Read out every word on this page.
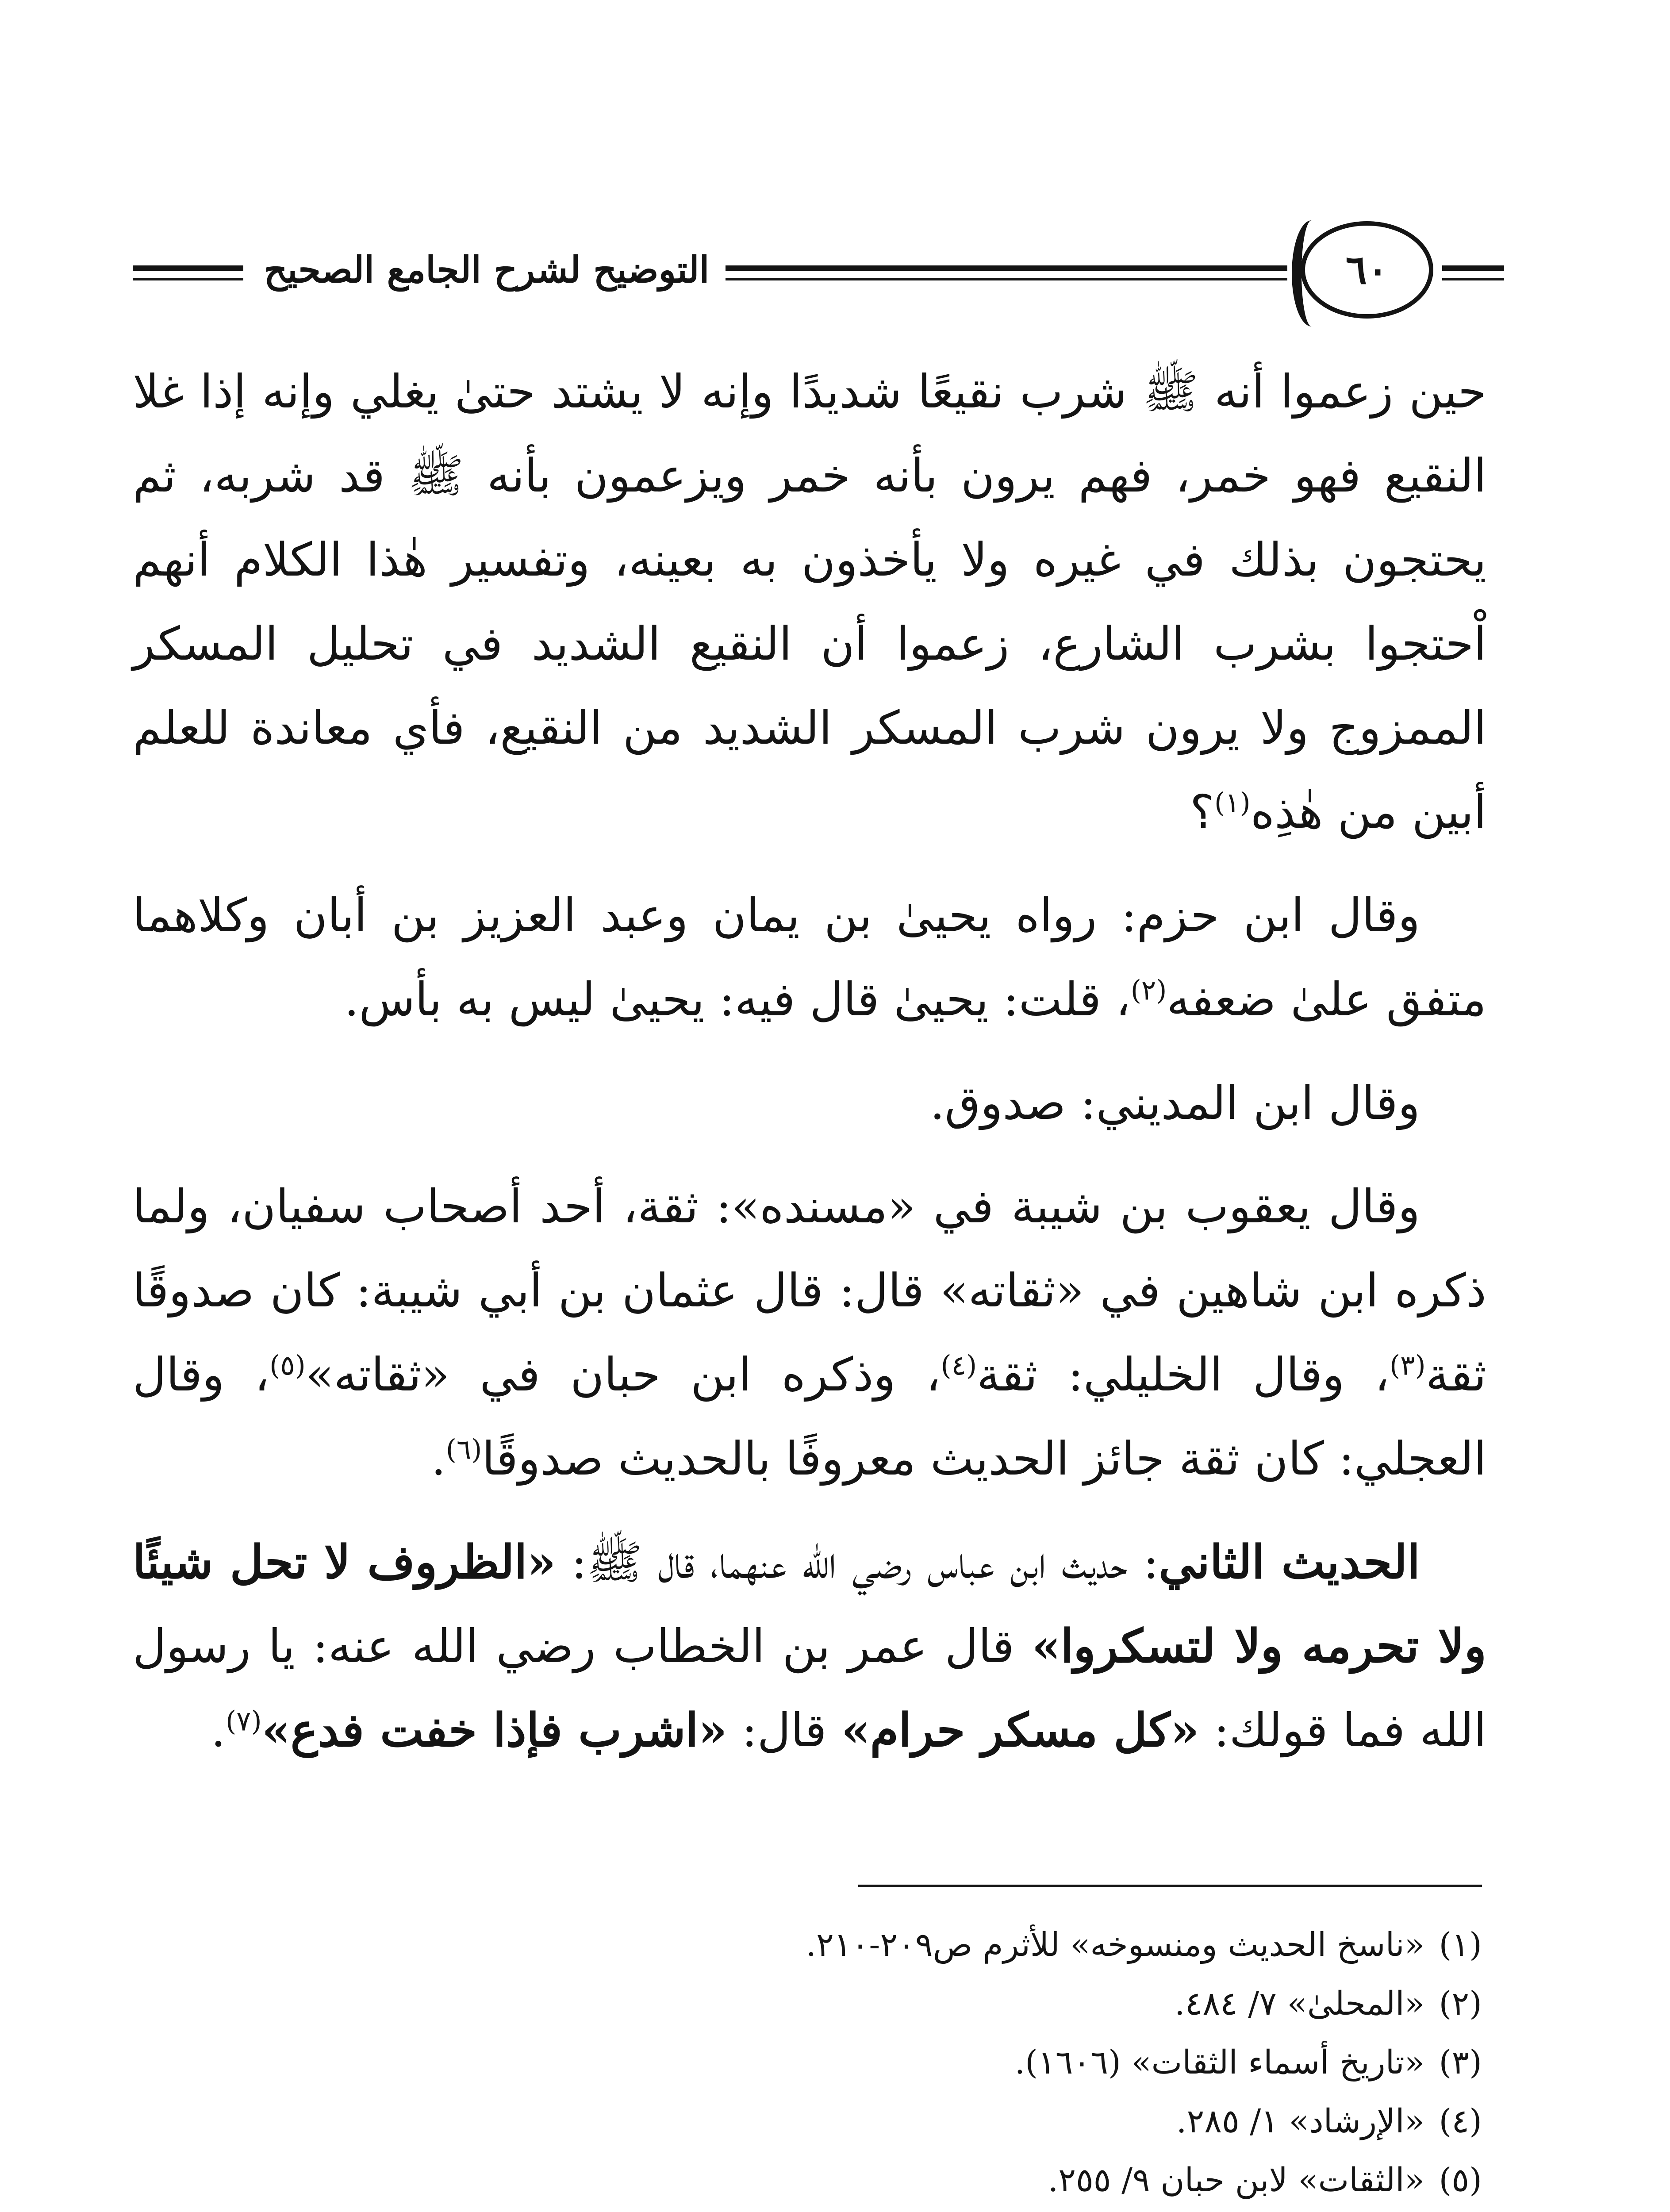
٦٠
التوضيح لشرح الجامع الصحيح

حين زعموا أنه ﷺ شرب نقيعًا شديدًا وإنه لا يشتد حتىٰ يغلي وإنه إذا غلا النقيع فهو خمر، فهم يرون بأنه خمر ويزعمون بأنه ﷺ قد شربه، ثم يحتجون بذلك في غيره ولا يأخذون به بعينه، وتفسير هٰذا الكلام أنهم اْحتجوا بشرب الشارع، زعموا أن النقيع الشديد في تحليل المسكر الممزوج ولا يرون شرب المسكر الشديد من النقيع، فأي معاندة للعلم أبين من هٰذِه$^{(١)}$؟

وقال ابن حزم: رواه يحيىٰ بن يمان وعبد العزيز بن أبان وكلاهما متفق علىٰ ضعفه$^{(٢)}$، قلت: يحيىٰ قال فيه: يحيىٰ ليس به بأس.

وقال ابن المديني: صدوق.

وقال يعقوب بن شيبة في «مسنده»: ثقة، أحد أصحاب سفيان، ولما ذكره ابن شاهين في «ثقاته» قال: قال عثمان بن أبي شيبة: كان صدوقًا ثقة$^{(٣)}$، وقال الخليلي: ثقة$^{(٤)}$، وذكره ابن حبان في «ثقاته»$^{(٥)}$، وقال العجلي: كان ثقة جائز الحديث معروفًا بالحديث صدوقًا$^{(٦)}$.

الحديث الثاني: حديث ابن عباس رضي الله عنهما، قال ﷺ: «الظروف لا تحل شيئًا ولا تحرمه ولا لتسكروا» قال عمر بن الخطاب رضي الله عنه: يا رسول الله فما قولك: «كل مسكر حرام» قال: «اشرب فإذا خفت فدع»$^{(٧)}$.

(١)
«ناسخ الحديث ومنسوخه» للأثرم ص٢٠٩-٢١٠.
(٢)
«المحلىٰ» ٧/ ٤٨٤.
(٣)
«تاريخ أسماء الثقات» (١٦٠٦).
(٤)
«الإرشاد» ١/ ٢٨٥.
(٥)
«الثقات» لابن حبان ٩/ ٢٥٥.
